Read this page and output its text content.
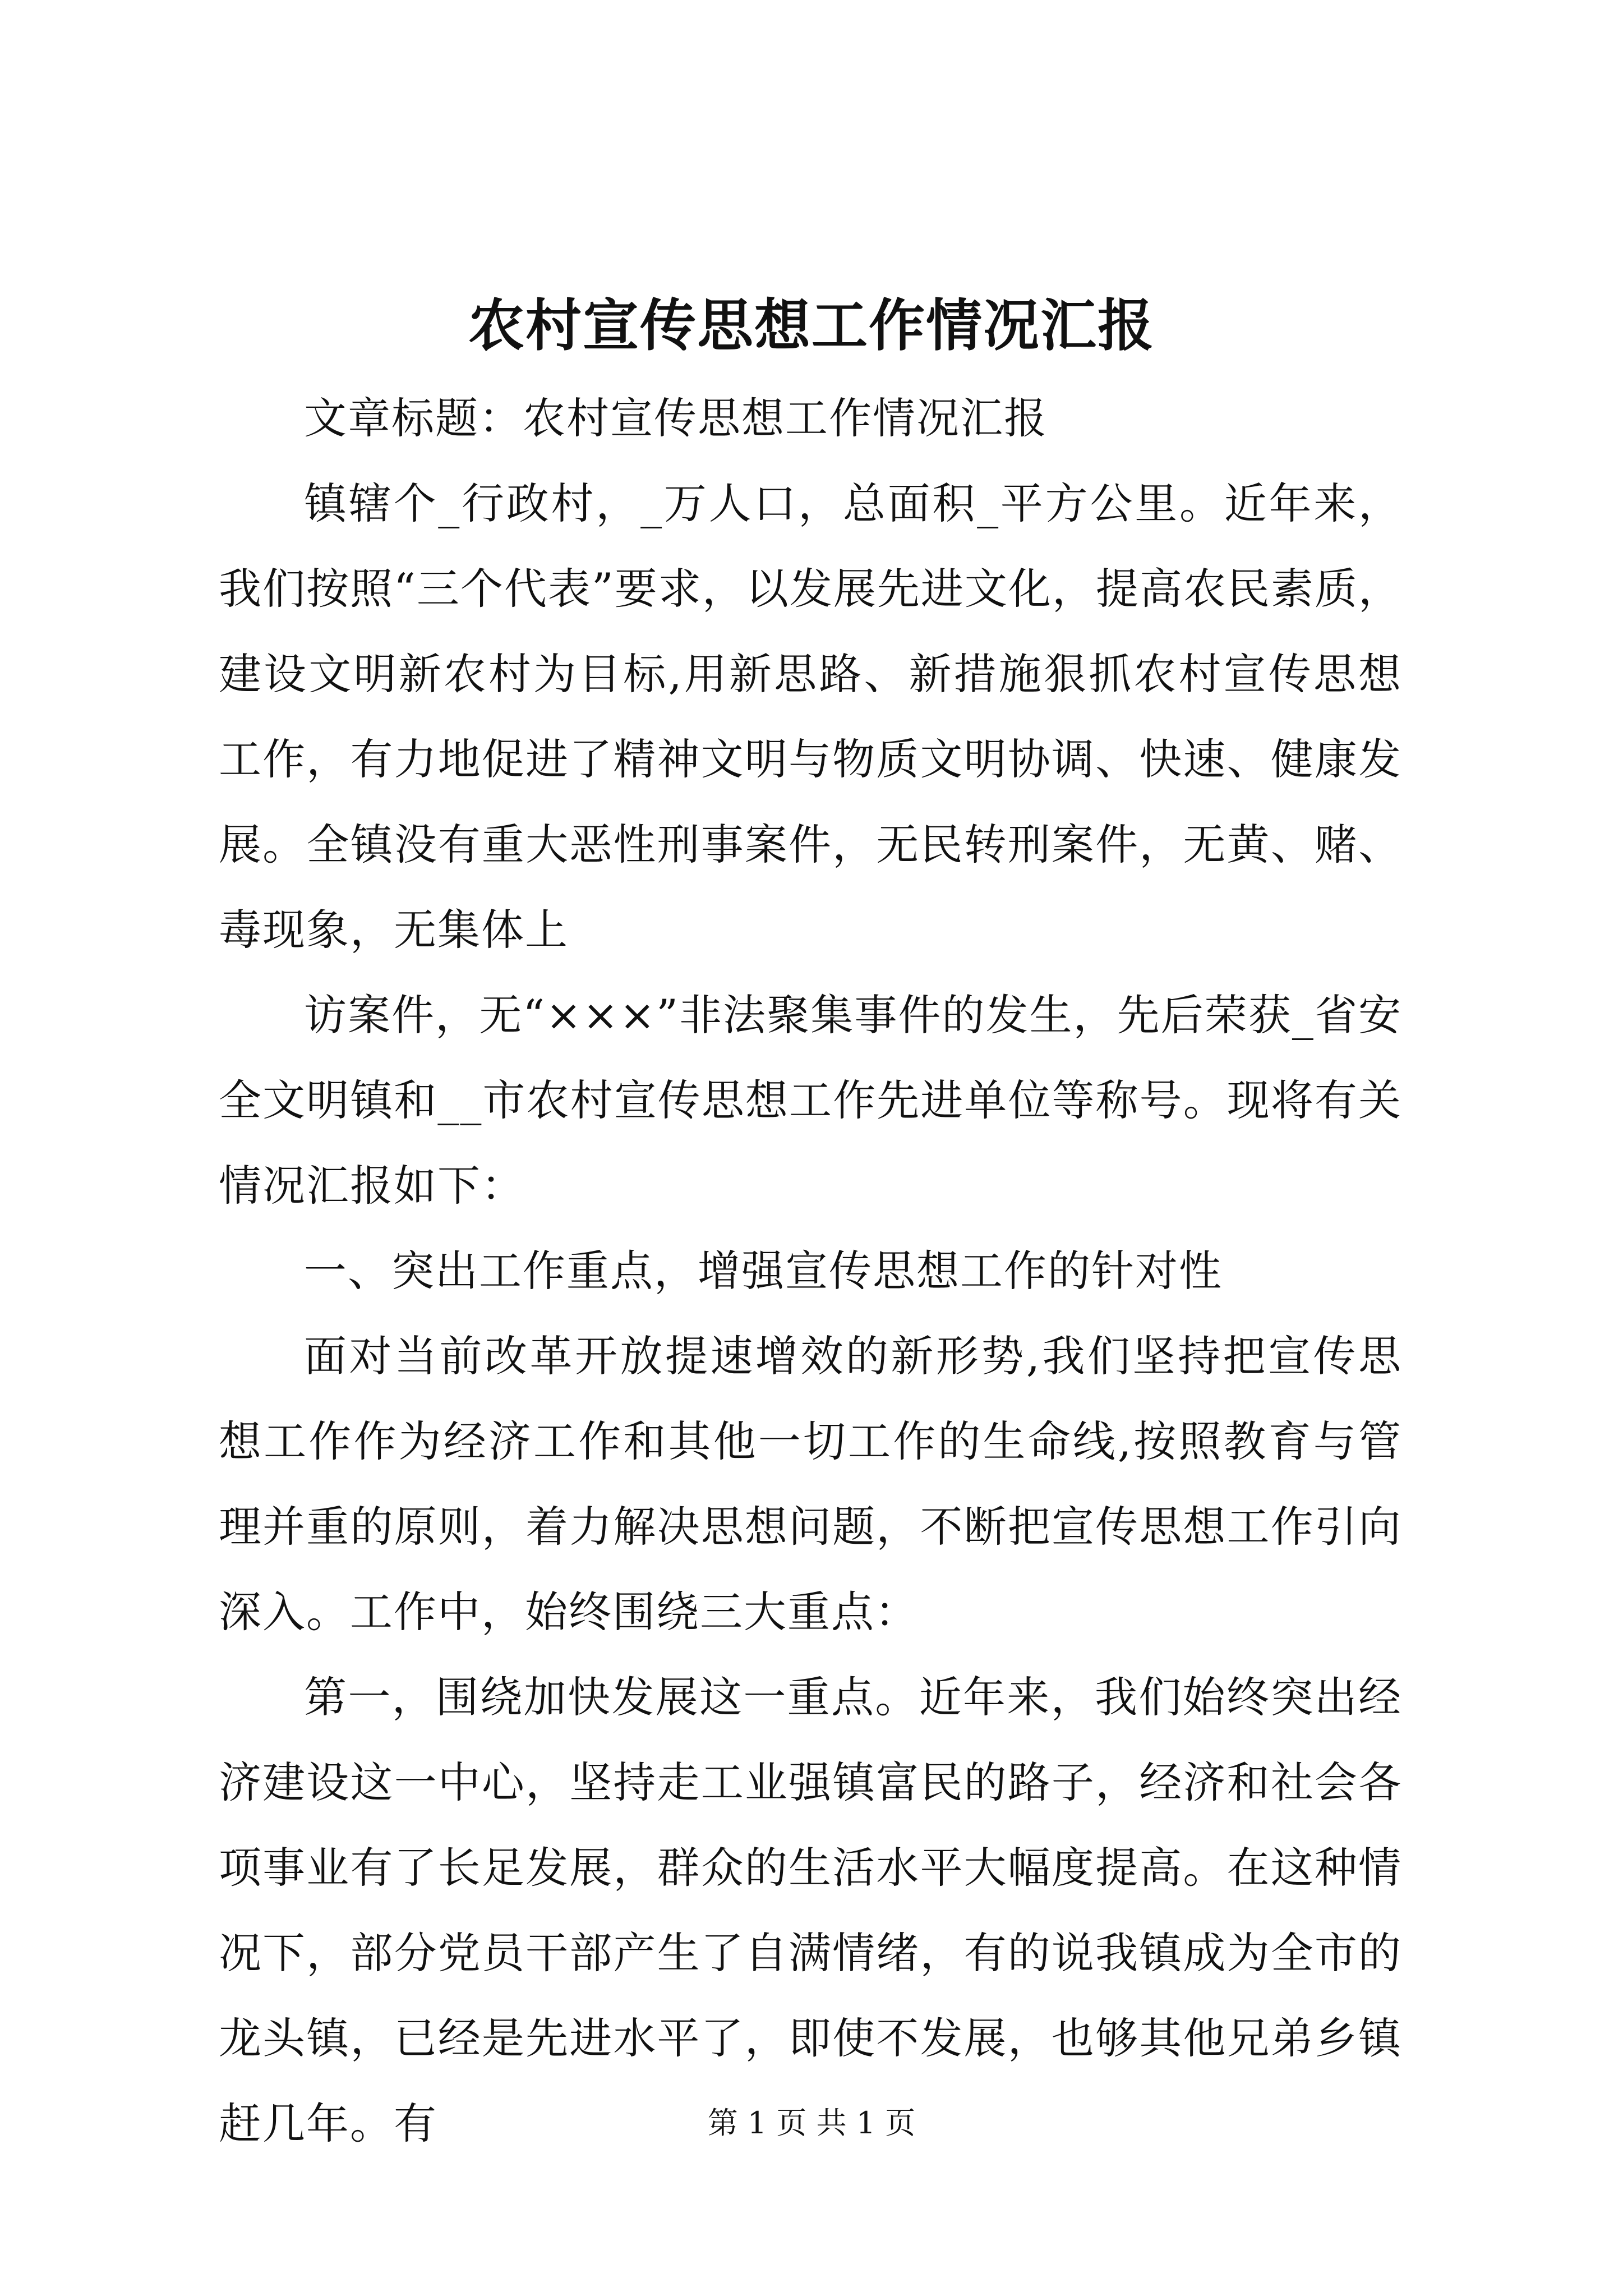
农村宣传思想工作情况汇报

文章标题：农村宣传思想工作情况汇报

镇辖个_行政村，_万人口，总面积_平方公里。近年来，我们按照“三个代表”要求，以发展先进文化，提高农民素质，建设文明新农村为目标,用新思路、新措施狠抓农村宣传思想工作，有力地促进了精神文明与物质文明协调、快速、健康发展。全镇没有重大恶性刑事案件，无民转刑案件，无黄、赌、毒现象，无集体上

访案件，无“×××”非法聚集事件的发生，先后荣获_省安全文明镇和__市农村宣传思想工作先进单位等称号。现将有关情况汇报如下：

一、突出工作重点，增强宣传思想工作的针对性

面对当前改革开放提速增效的新形势,我们坚持把宣传思想工作作为经济工作和其他一切工作的生命线,按照教育与管理并重的原则，着力解决思想问题，不断把宣传思想工作引向深入。工作中，始终围绕三大重点：

第一，围绕加快发展这一重点。近年来，我们始终突出经济建设这一中心，坚持走工业强镇富民的路子，经济和社会各项事业有了长足发展，群众的生活水平大幅度提高。在这种情况下，部分党员干部产生了自满情绪，有的说我镇成为全市的龙头镇，已经是先进水平了，即使不发展，也够其他兄弟乡镇赶几年。有	第 1 页 共 1 页
